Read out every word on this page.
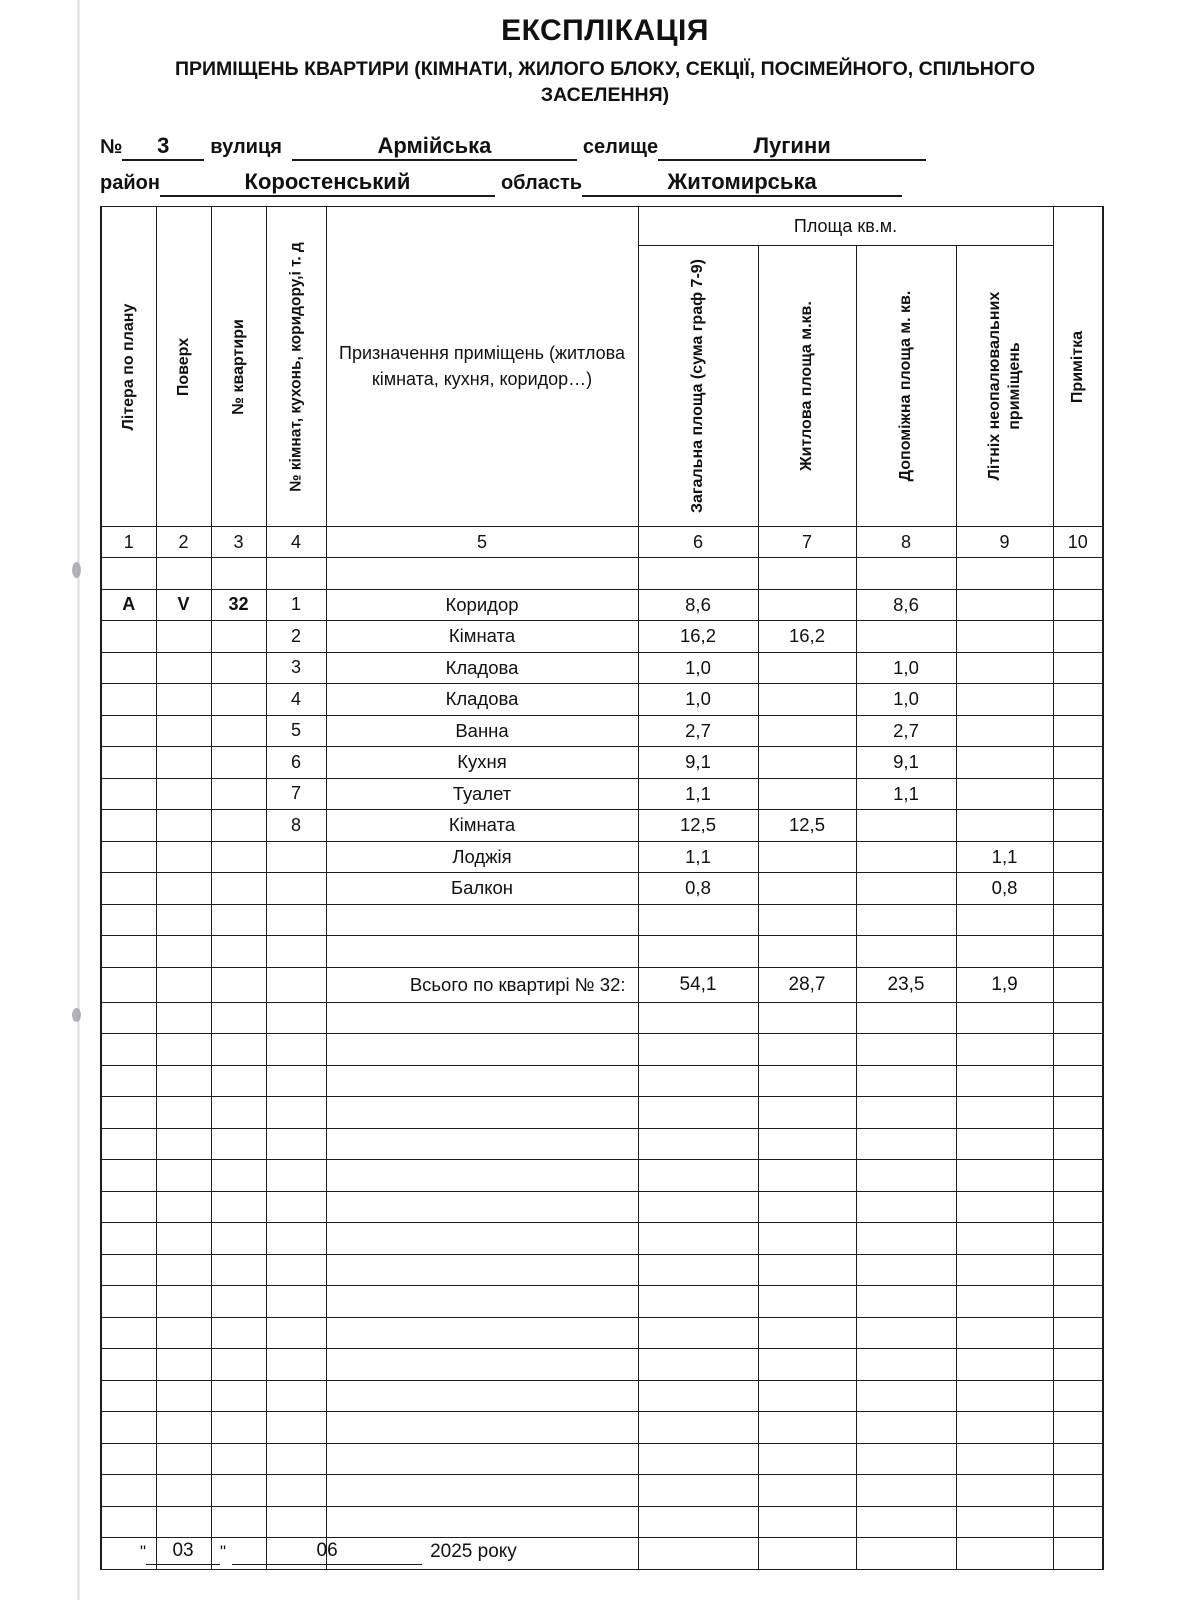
ЕКСПЛІКАЦІЯ
ПРИМІЩЕНЬ КВАРТИРИ (КІМНАТИ, ЖИЛОГО БЛОКУ, СЕКЦІЇ, ПОСІМЕЙНОГО, СПІЛЬНОГО ЗАСЕЛЕННЯ)
№	3	вулиця	Армійська	селище	Лугини
район	Коростенський	область	Житомирська
Літера по плану	Поверх	№ квартири	№ кімнат, кухонь, коридору,і т. д	Призначення приміщень (житлова кімната, кухня, коридор…)	Площа кв.м.				Примітка

					Загальна площа (сума граф 7-9)	Житлова площа м.кв.	Допоміжна площа м. кв.	Літніх неопалювальних приміщень	

1	2	3	4	5	6	7	8	9	10

А	V	32	1	Коридор	8,6		8,6		
			2	Кімната	16,2	16,2			
			3	Кладова	1,0		1,0		
			4	Кладова	1,0		1,0		
			5	Ванна	2,7		2,7		
			6	Кухня	9,1		9,1		
			7	Туалет	1,1		1,1		
			8	Кімната	12,5	12,5			
				Лоджія	1,1			1,1	
				Балкон	0,8			0,8	

				Всього по квартирі № 32:	54,1	28,7	23,5	1,9	

"	03	"	06	2025 року
